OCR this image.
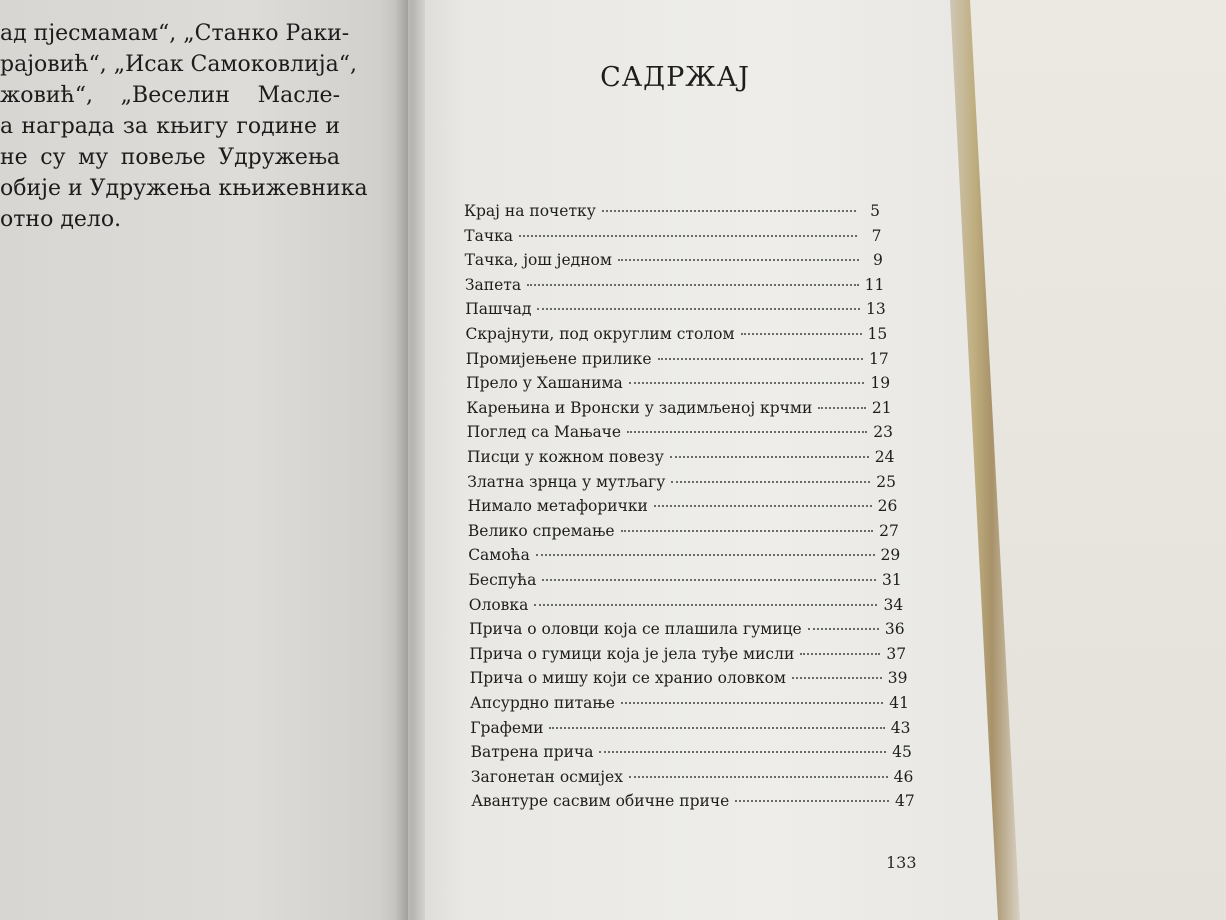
ад пјесмамам“, „Станко Раки-
рајовић“, „Исак Самоковлија“,
жовић“, „Веселин Масле-
а награда за књигу године и
не су му повеље Удружења
обије и Удружења књижевника
отно дело.
САДРЖАЈ
Крај на почетку	5
Тачка	7
Тачка, још једном	9
Запета	11
Пашчад	13
Скрајнути, под округлим столом	15
Промијењене прилике	17
Прело у Хашанима	19
Карењина и Вронски у задимљеној крчми	21
Поглед са Мањаче	23
Писци у кожном повезу	24
Златна зрнца у мутљагу	25
Нимало метафорички	26
Велико спремање	27
Самоћа	29
Беспућа	31
Оловка	34
Прича о оловци која се плашила гумице	36
Прича о гумици која је јела туђе мисли	37
Прича о мишу који се хранио оловком	39
Апсурдно питање	41
Графеми	43
Ватрена прича	45
Загонетан осмијех	46
Авантуре сасвим обичне приче	47
133
